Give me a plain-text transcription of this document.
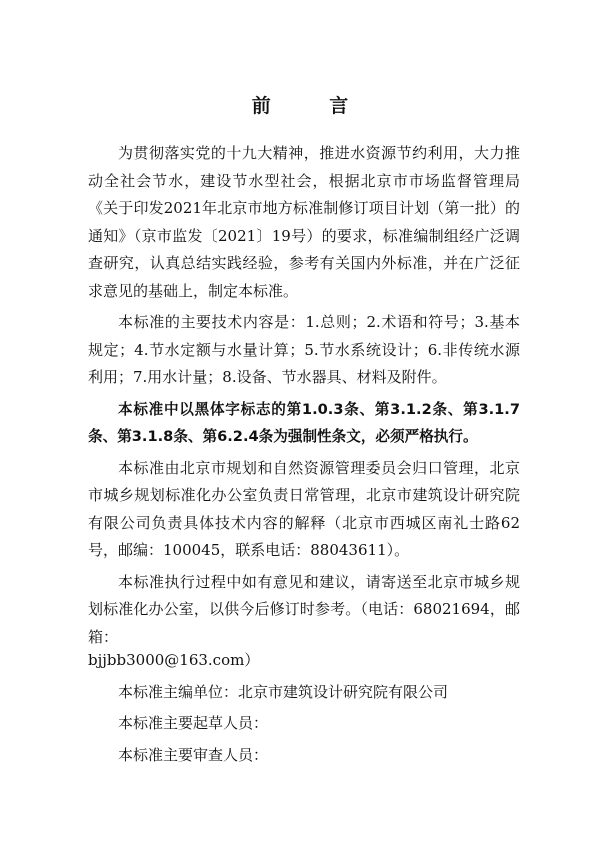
前 言

为贯彻落实党的十九大精神，推进水资源节约利用，大力推动全社会节水，建设节水型社会，根据北京市市场监督管理局《关于印发2021年北京市地方标准制修订项目计划（第一批）的通知》（京市监发〔2021〕19号）的要求，标准编制组经广泛调查研究，认真总结实践经验，参考有关国内外标准，并在广泛征求意见的基础上，制定本标准。

本标准的主要技术内容是：1.总则；2.术语和符号；3.基本规定；4.节水定额与水量计算；5.节水系统设计；6.非传统水源利用；7.用水计量；8.设备、节水器具、材料及附件。

本标准中以黑体字标志的第1.0.3条、第3.1.2条、第3.1.7条、第3.1.8条、第6.2.4条为强制性条文，必须严格执行。

本标准由北京市规划和自然资源管理委员会归口管理，北京市城乡规划标准化办公室负责日常管理，北京市建筑设计研究院有限公司负责具体技术内容的解释（北京市西城区南礼士路62号，邮编：100045，联系电话：88043611）。

本标准执行过程中如有意见和建议，请寄送至北京市城乡规划标准化办公室，以供今后修订时参考。（电话：68021694，邮箱：

bjjbb3000@163.com）

本标准主编单位：北京市建筑设计研究院有限公司

本标准主要起草人员：

本标准主要审查人员：
